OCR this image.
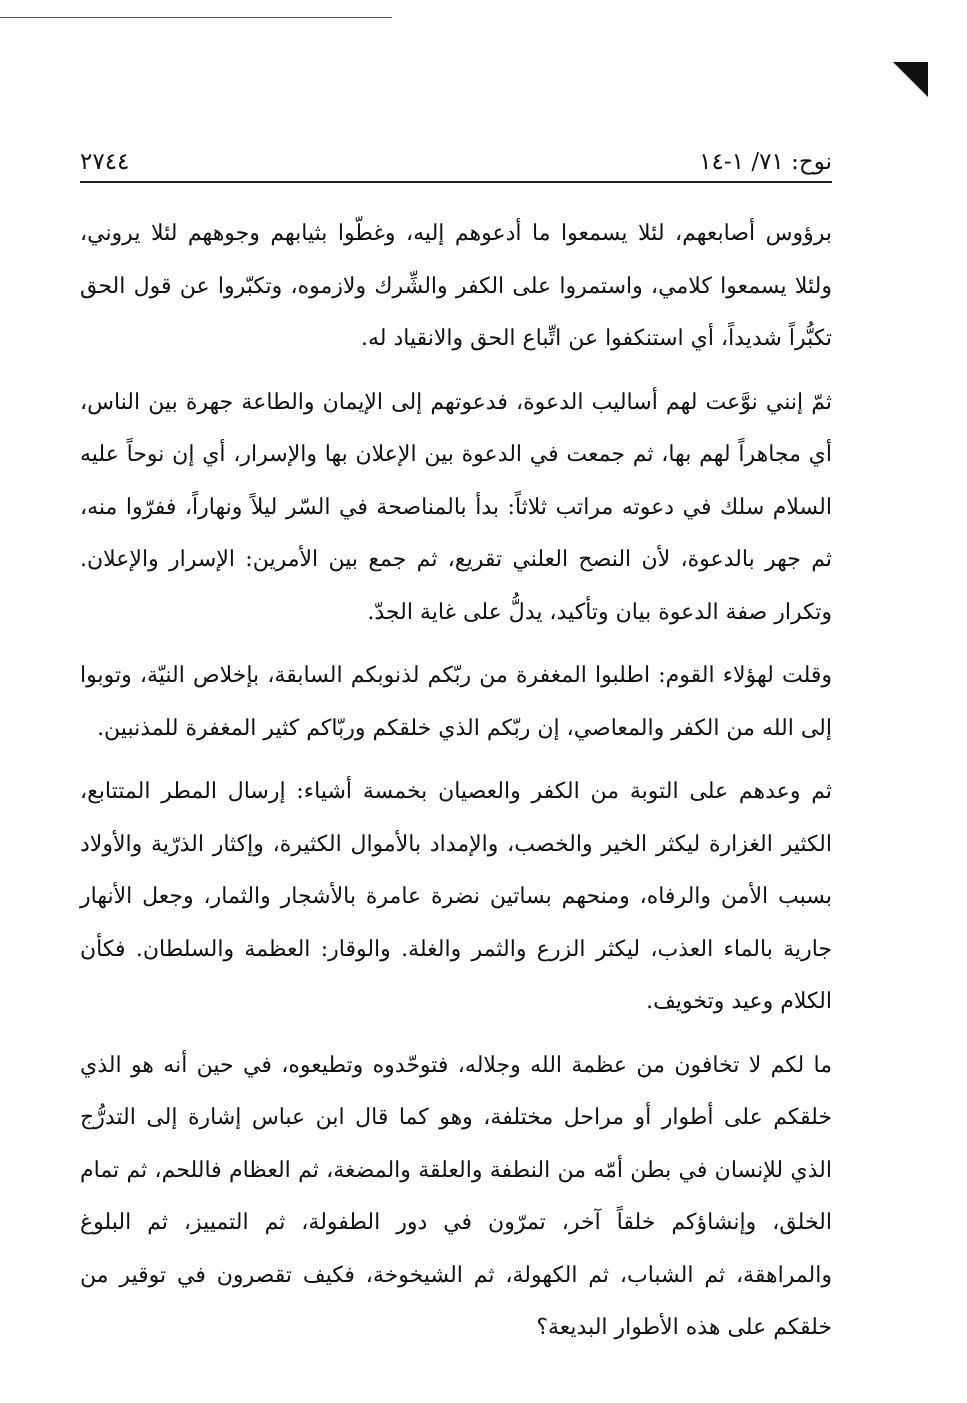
نوح: ٧١/ ١-١٤
٢٧٤٤

برؤوس أصابعهم، لئلا يسمعوا ما أدعوهم إليه، وغطّوا بثيابهم وجوههم لئلا يروني، ولئلا يسمعوا كلامي، واستمروا على الكفر والشِّرك ولازموه، وتكبّروا عن قول الحق تكبُّراً شديداً، أي استنكفوا عن اتِّباع الحق والانقياد له.

ثمّ إنني نوَّعت لهم أساليب الدعوة، فدعوتهم إلى الإيمان والطاعة جهرة بين الناس، أي مجاهراً لهم بها، ثم جمعت في الدعوة بين الإعلان بها والإسرار، أي إن نوحاً عليه السلام سلك في دعوته مراتب ثلاثاً: بدأ بالمناصحة في السّر ليلاً ونهاراً، ففرّوا منه، ثم جهر بالدعوة، لأن النصح العلني تقريع، ثم جمع بين الأمرين: الإسرار والإعلان. وتكرار صفة الدعوة بيان وتأكيد، يدلُّ على غاية الجدّ.

وقلت لهؤلاء القوم: اطلبوا المغفرة من ربّكم لذنوبكم السابقة، بإخلاص النيّة، وتوبوا إلى الله من الكفر والمعاصي، إن ربّكم الذي خلقكم وربّاكم كثير المغفرة للمذنبين.

ثم وعدهم على التوبة من الكفر والعصيان بخمسة أشياء: إرسال المطر المتتابع، الكثير الغزارة ليكثر الخير والخصب، والإمداد بالأموال الكثيرة، وإكثار الذرّية والأولاد بسبب الأمن والرفاه، ومنحهم بساتين نضرة عامرة بالأشجار والثمار، وجعل الأنهار جارية بالماء العذب، ليكثر الزرع والثمر والغلة. والوقار: العظمة والسلطان. فكأن الكلام وعيد وتخويف.

ما لكم لا تخافون من عظمة الله وجلاله، فتوحّدوه وتطيعوه، في حين أنه هو الذي خلقكم على أطوار أو مراحل مختلفة، وهو كما قال ابن عباس إشارة إلى التدرُّج الذي للإنسان في بطن أمّه من النطفة والعلقة والمضغة، ثم العظام فاللحم، ثم تمام الخلق، وإنشاؤكم خلقاً آخر، تمرّون في دور الطفولة، ثم التمييز، ثم البلوغ والمراهقة، ثم الشباب، ثم الكهولة، ثم الشيخوخة، فكيف تقصرون في توقير من خلقكم على هذه الأطوار البديعة؟
